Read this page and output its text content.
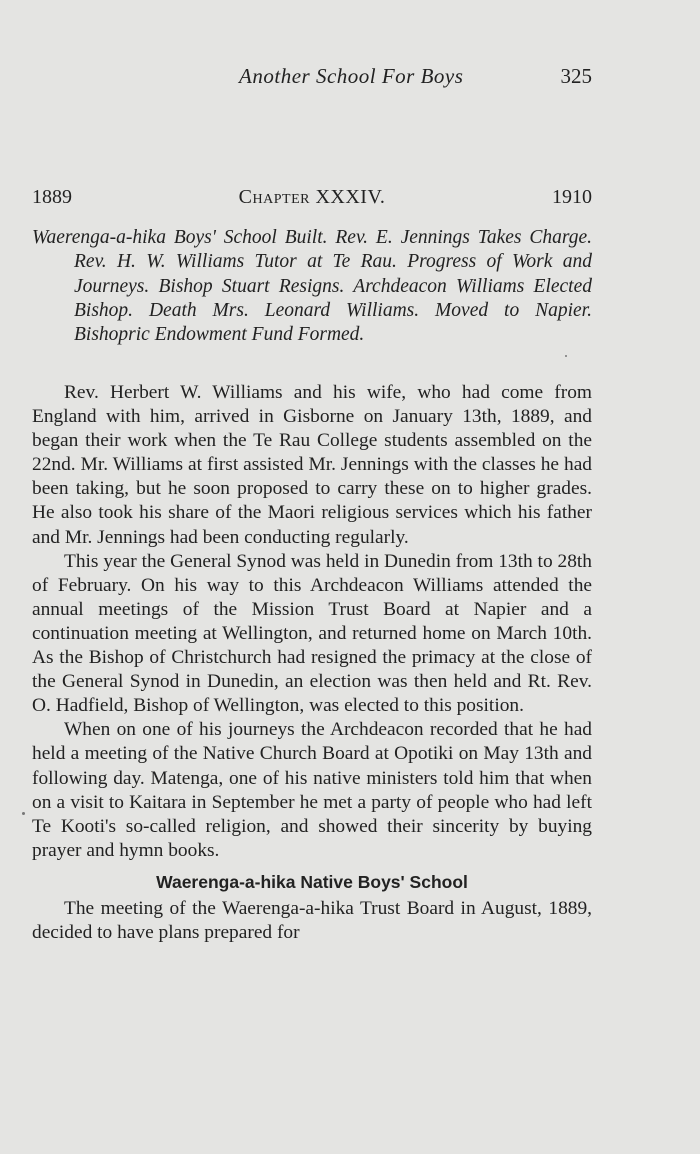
Another School For Boys	325
1889	Chapter XXXIV.	1910
Waerenga-a-hika Boys' School Built. Rev. E. Jennings Takes Charge. Rev. H. W. Williams Tutor at Te Rau. Progress of Work and Journeys. Bishop Stuart Resigns. Archdeacon Williams Elected Bishop. Death Mrs. Leonard Williams. Moved to Napier. Bishopric Endowment Fund Formed.

Rev. Herbert W. Williams and his wife, who had come from England with him, arrived in Gisborne on January 13th, 1889, and began their work when the Te Rau College students assembled on the 22nd. Mr. Williams at first assisted Mr. Jennings with the classes he had been taking, but he soon proposed to carry these on to higher grades. He also took his share of the Maori religious services which his father and Mr. Jennings had been conducting regularly.

This year the General Synod was held in Dunedin from 13th to 28th of February. On his way to this Archdeacon Williams attended the annual meetings of the Mission Trust Board at Napier and a continuation meeting at Wellington, and returned home on March 10th. As the Bishop of Christchurch had resigned the primacy at the close of the General Synod in Dunedin, an election was then held and Rt. Rev. O. Hadfield, Bishop of Wellington, was elected to this position.

When on one of his journeys the Archdeacon recorded that he had held a meeting of the Native Church Board at Opotiki on May 13th and following day. Matenga, one of his native ministers told him that when on a visit to Kaitara in September he met a party of people who had left Te Kooti's so-called religion, and showed their sincerity by buying prayer and hymn books.

Waerenga-a-hika Native Boys' School

The meeting of the Waerenga-a-hika Trust Board in August, 1889, decided to have plans prepared for
